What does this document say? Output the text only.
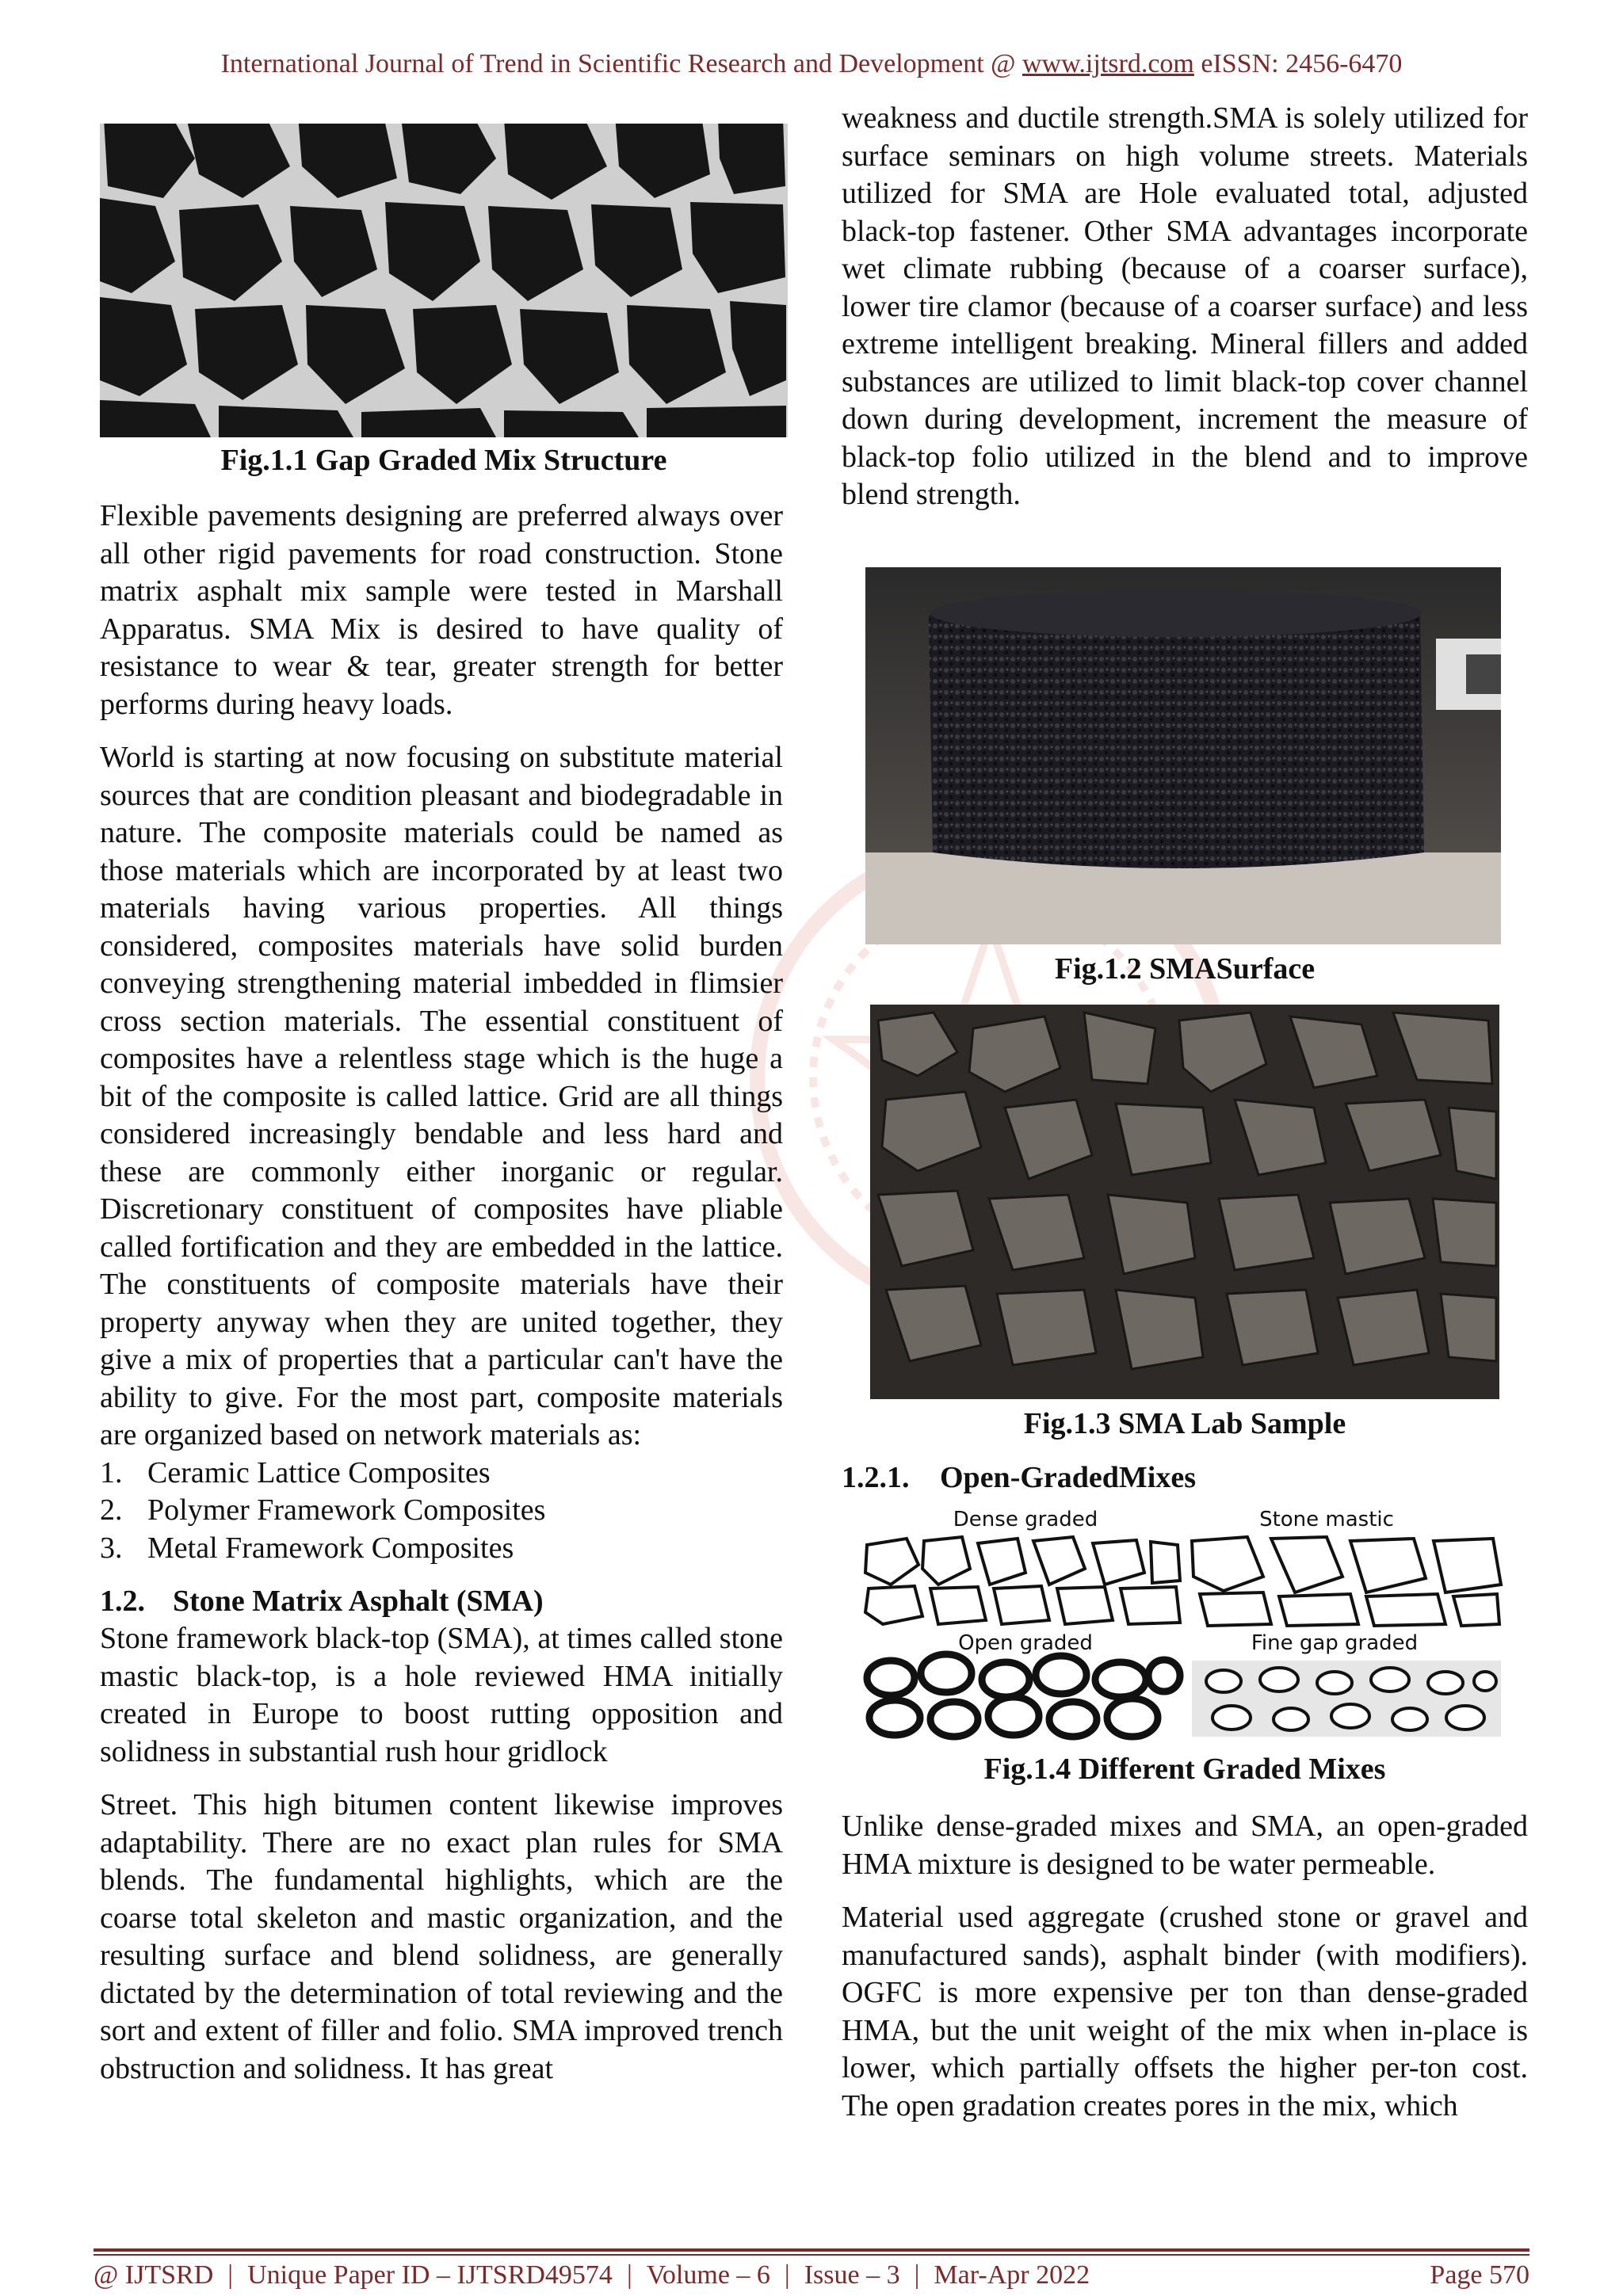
International Journal of Trend in Scientific Research and Development @ www.ijtsrd.com eISSN: 2456-6470
Fig.1.1 Gap Graded Mix Structure

Flexible pavements designing are preferred always over all other rigid pavements for road construction. Stone matrix asphalt mix sample were tested in Marshall Apparatus. SMA Mix is desired to have quality of resistance to wear & tear, greater strength for better performs during heavy loads.

World is starting at now focusing on substitute material sources that are condition pleasant and biodegradable in nature. The composite materials could be named as those materials which are incorporated by at least two materials having various properties. All things considered, composites materials have solid burden conveying strengthening material imbedded in flimsier cross section materials. The essential constituent of composites have a relentless stage which is the huge a bit of the composite is called lattice. Grid are all things considered increasingly bendable and less hard and these are commonly either inorganic or regular. Discretionary constituent of composites have pliable called fortification and they are embedded in the lattice. The constituents of composite materials have their property anyway when they are united together, they give a mix of properties that a particular can't have the ability to give. For the most part, composite materials are organized based on network materials as:

1. Ceramic Lattice Composites
2. Polymer Framework Composites
3. Metal Framework Composites
1.2. Stone Matrix Asphalt (SMA)

Stone framework black-top (SMA), at times called stone mastic black-top, is a hole reviewed HMA initially created in Europe to boost rutting opposition and solidness in substantial rush hour gridlock

Street. This high bitumen content likewise improves adaptability. There are no exact plan rules for SMA blends. The fundamental highlights, which are the coarse total skeleton and mastic organization, and the resulting surface and blend solidness, are generally dictated by the determination of total reviewing and the sort and extent of filler and folio. SMA improved trench obstruction and solidness. It has great

weakness and ductile strength.SMA is solely utilized for surface seminars on high volume streets. Materials utilized for SMA are Hole evaluated total, adjusted black-top fastener. Other SMA advantages incorporate wet climate rubbing (because of a coarser surface), lower tire clamor (because of a coarser surface) and less extreme intelligent breaking. Mineral fillers and added substances are utilized to limit black-top cover channel down during development, increment the measure of black-top folio utilized in the blend and to improve blend strength.

Fig.1.2 SMASurface
Fig.1.3 SMA Lab Sample
1.2.1. Open-GradedMixes
Dense graded	Stone mastic
Open graded	Fine gap graded
Fig.1.4 Different Graded Mixes

Unlike dense-graded mixes and SMA, an open-graded HMA mixture is designed to be water permeable.

Material used aggregate (crushed stone or gravel and manufactured sands), asphalt binder (with modifiers). OGFC is more expensive per ton than dense-graded HMA, but the unit weight of the mix when in-place is lower, which partially offsets the higher per-ton cost. The open gradation creates pores in the mix, which

@ IJTSRD | Unique Paper ID – IJTSRD49574 | Volume – 6 | Issue – 3 | Mar-Apr 2022	Page 570
